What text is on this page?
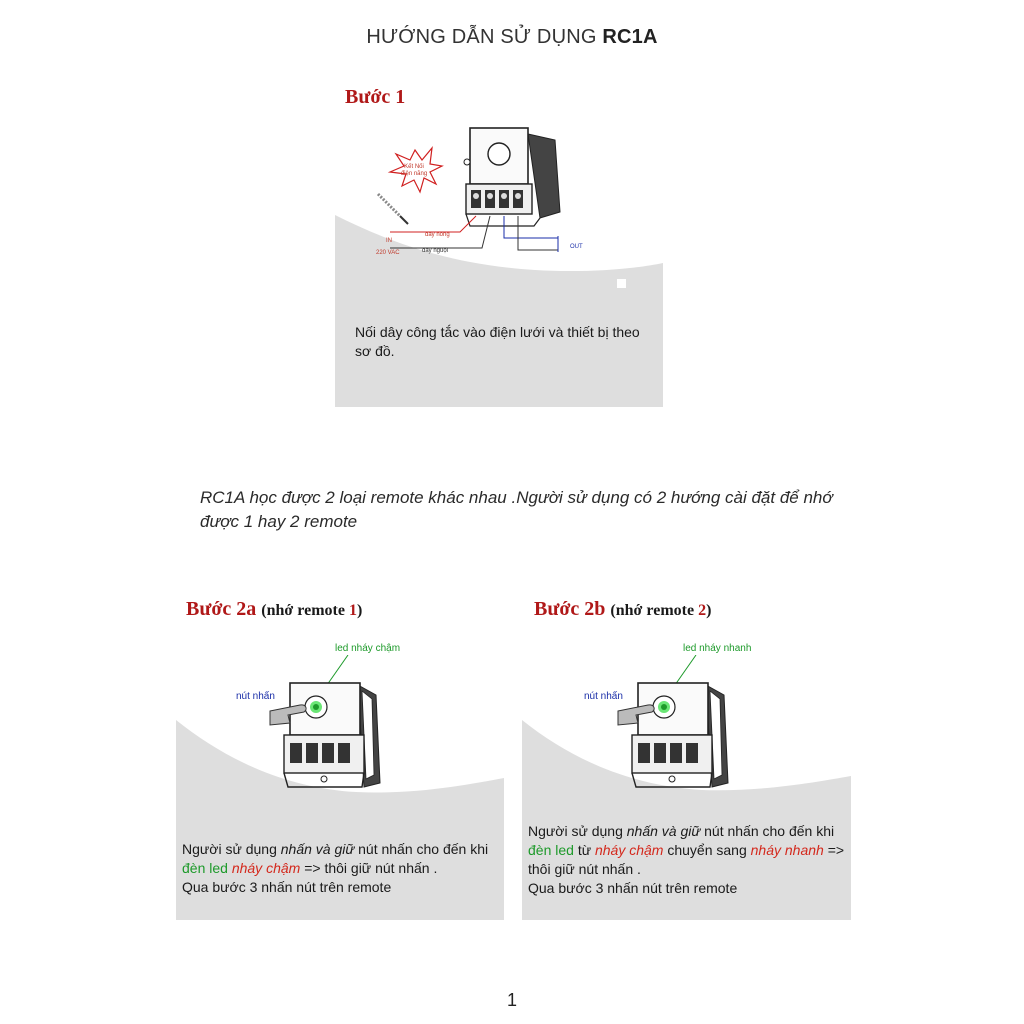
HƯỚNG DẪN SỬ DỤNG RC1A
Bước 1
Nối dây công tắc vào điện lưới và thiết bị theo sơ đồ.
Kết Nối điện năng
IN
220 VAC
dây nóng
dây nguội
OUT
RC1A học được 2 loại remote khác nhau .Người sử dụng có 2 hướng cài đặt để nhớ được 1 hay 2 remote
Bước 2a (nhớ remote 1)
Người sử dụng nhấn và giữ nút nhấn cho đến khi đèn led nháy chậm => thôi giữ nút nhấn .
Qua bước 3 nhấn nút trên remote
led nháy chậm
nút nhấn
Bước 2b (nhớ remote 2)
Người sử dụng nhấn và giữ nút nhấn cho đến khi đèn led từ nháy chậm chuyển sang nháy nhanh => thôi giữ nút nhấn .
Qua bước 3 nhấn nút trên remote
led nháy nhanh
nút nhấn
1
